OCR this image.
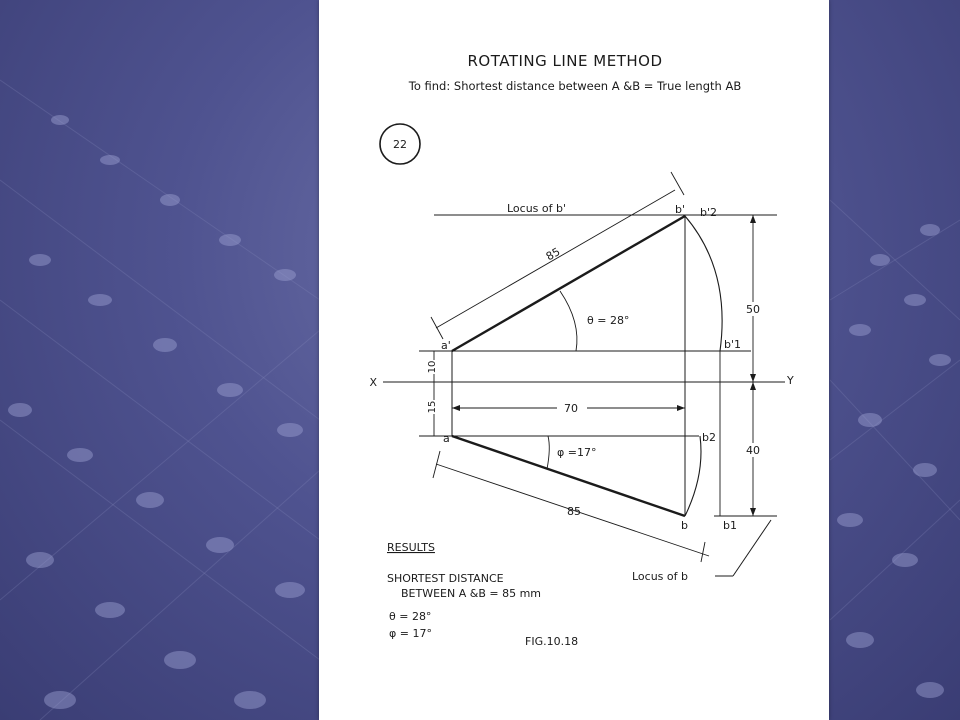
ROTATING LINE METHOD
To find: Shortest distance between A &B = True length AB
22
Locus of b'
X	Y
θ = 28°
φ =17°
85
85
70
10
15
50
40
a'
a
b' b'2
b'1
b2
b	b1
Locus of b
RESULTS
SHORTEST DISTANCE
BETWEEN A &B = 85 mm
θ = 28°
φ = 17°
FIG.10.18
